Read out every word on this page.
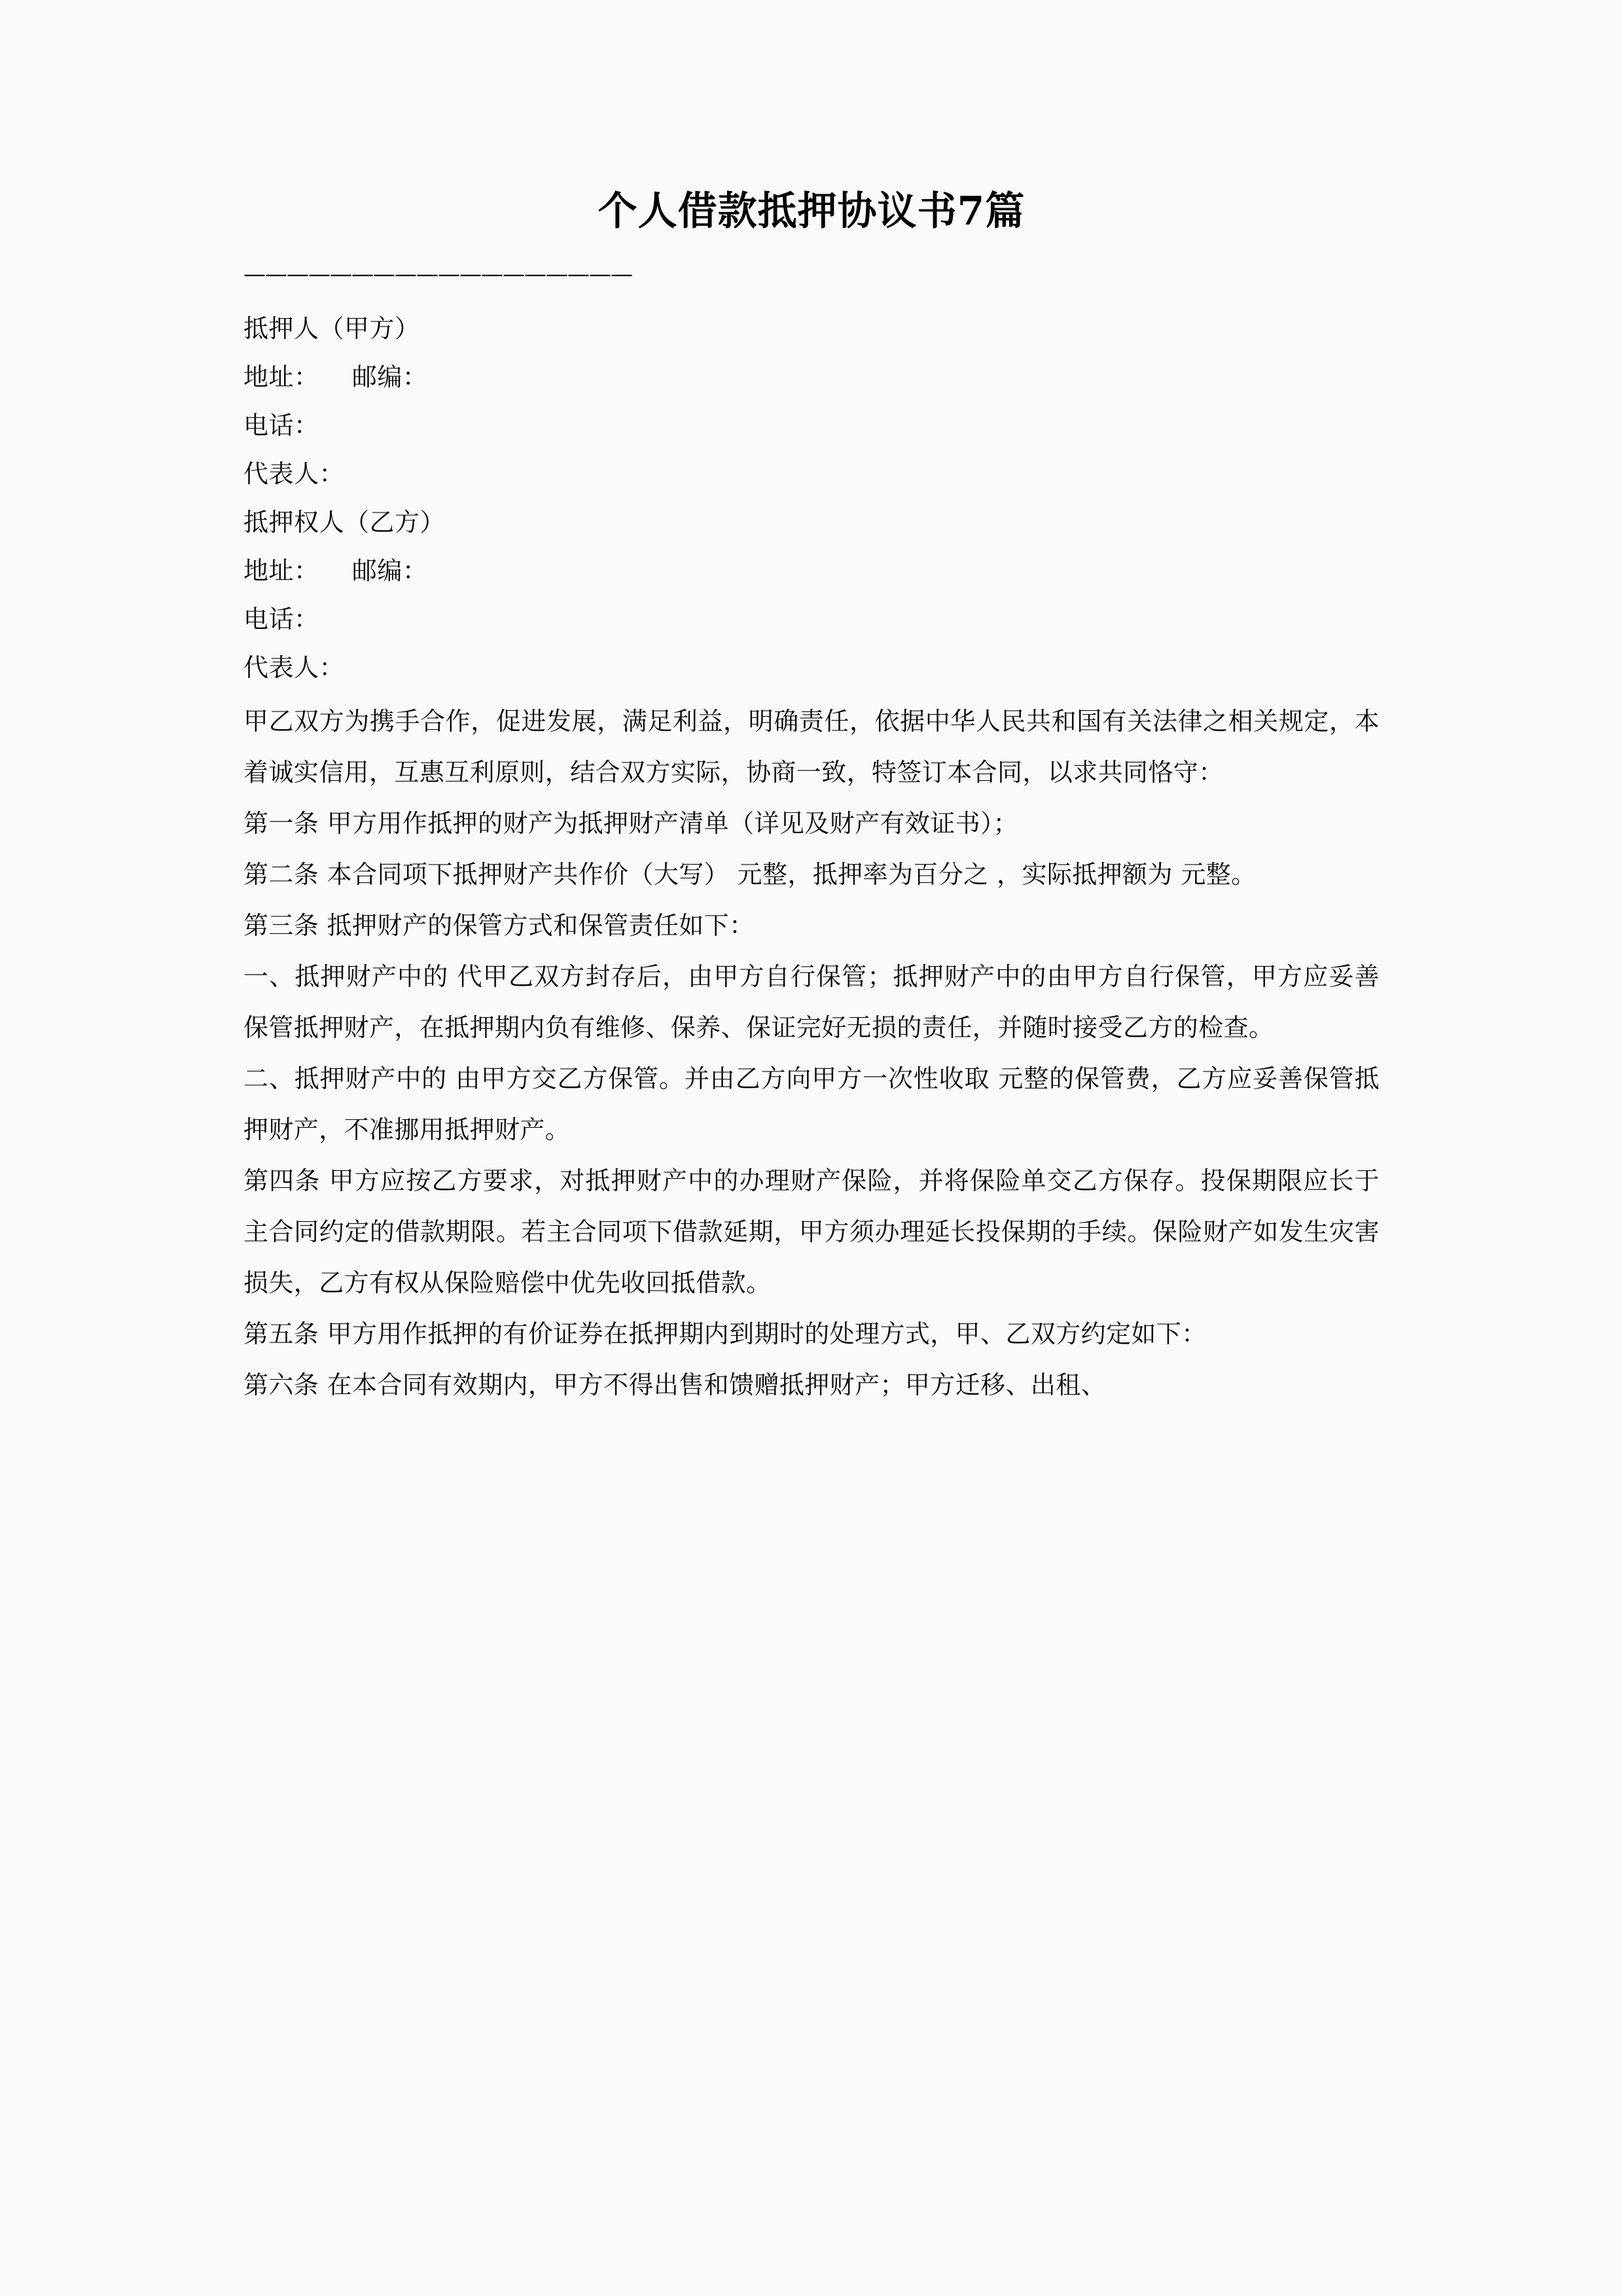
个人借款抵押协议书7篇
——————————————————
抵押人（甲方）
地址：    邮编：
电话：
代表人：
抵押权人（乙方）
地址：    邮编：
电话：
代表人：

甲乙双方为携手合作，促进发展，满足利益，明确责任，依据中华人民共和国有关法律之相关规定，本着诚实信用，互惠互利原则，结合双方实际，协商一致，特签订本合同，以求共同恪守：

第一条 甲方用作抵押的财产为抵押财产清单（详见及财产有效证书）；

第二条 本合同项下抵押财产共作价（大写） 元整，抵押率为百分之 ，实际抵押额为 元整。

第三条 抵押财产的保管方式和保管责任如下：

一、抵押财产中的 代甲乙双方封存后，由甲方自行保管；抵押财产中的由甲方自行保管，甲方应妥善保管抵押财产，在抵押期内负有维修、保养、保证完好无损的责任，并随时接受乙方的检查。

二、抵押财产中的 由甲方交乙方保管。并由乙方向甲方一次性收取 元整的保管费，乙方应妥善保管抵押财产，不准挪用抵押财产。

第四条 甲方应按乙方要求，对抵押财产中的办理财产保险，并将保险单交乙方保存。投保期限应长于主合同约定的借款期限。若主合同项下借款延期，甲方须办理延长投保期的手续。保险财产如发生灾害损失，乙方有权从保险赔偿中优先收回抵借款。

第五条 甲方用作抵押的有价证券在抵押期内到期时的处理方式，甲、乙双方约定如下：

第六条 在本合同有效期内，甲方不得出售和馈赠抵押财产；甲方迁移、出租、
